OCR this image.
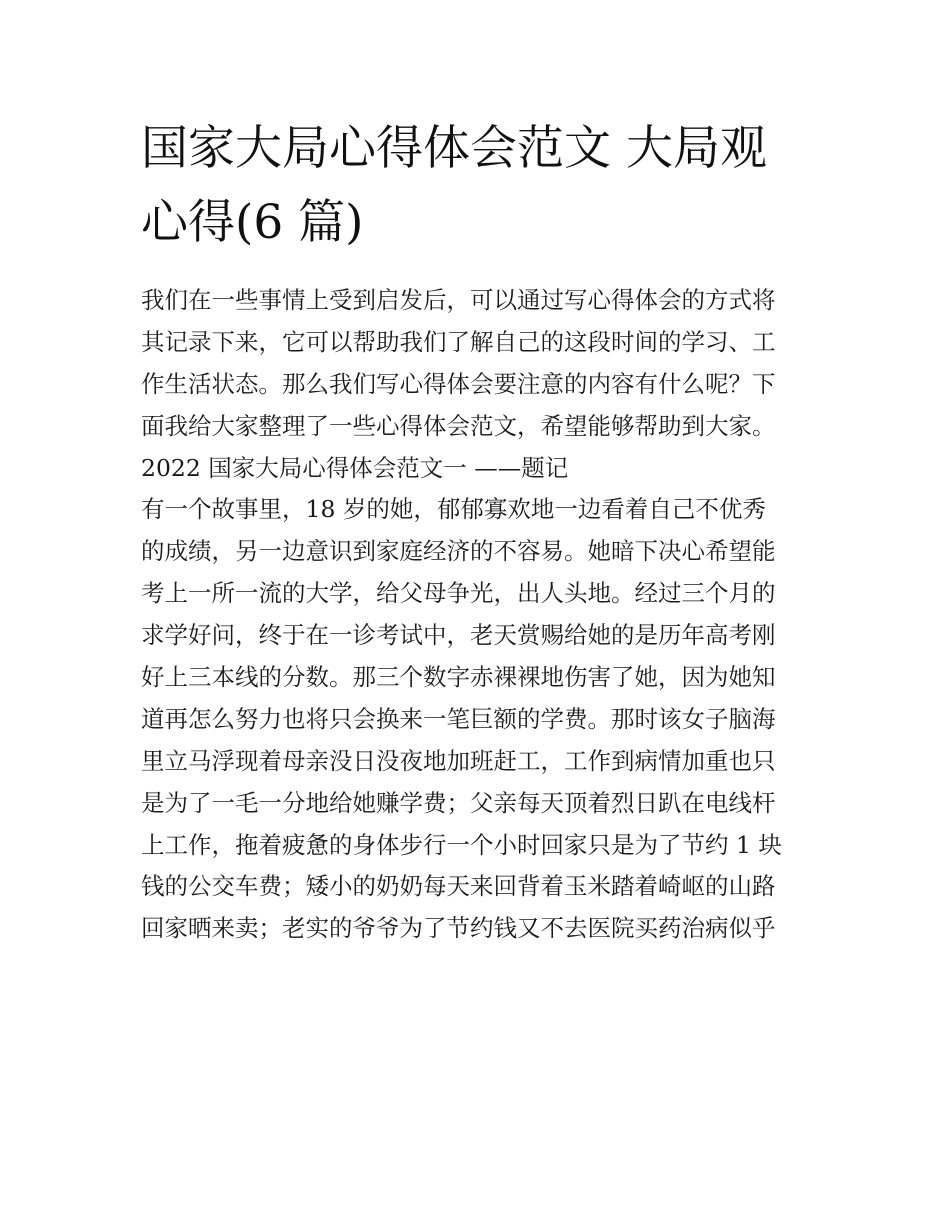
国家大局心得体会范文 大局观
心得(6 篇)
我们在一些事情上受到启发后，可以通过写心得体会的方式将
其记录下来，它可以帮助我们了解自己的这段时间的学习、工
作生活状态。那么我们写心得体会要注意的内容有什么呢？下
面我给大家整理了一些心得体会范文，希望能够帮助到大家。
2022 国家大局心得体会范文一 ——题记
有一个故事里，18 岁的她，郁郁寡欢地一边看着自己不优秀
的成绩，另一边意识到家庭经济的不容易。她暗下决心希望能
考上一所一流的大学，给父母争光，出人头地。经过三个月的
求学好问，终于在一诊考试中，老天赏赐给她的是历年高考刚
好上三本线的分数。那三个数字赤裸裸地伤害了她，因为她知
道再怎么努力也将只会换来一笔巨额的学费。那时该女子脑海
里立马浮现着母亲没日没夜地加班赶工，工作到病情加重也只
是为了一毛一分地给她赚学费；父亲每天顶着烈日趴在电线杆
上工作，拖着疲惫的身体步行一个小时回家只是为了节约 1 块
钱的公交车费；矮小的奶奶每天来回背着玉米踏着崎岖的山路
回家晒来卖；老实的爷爷为了节约钱又不去医院买药治病似乎
